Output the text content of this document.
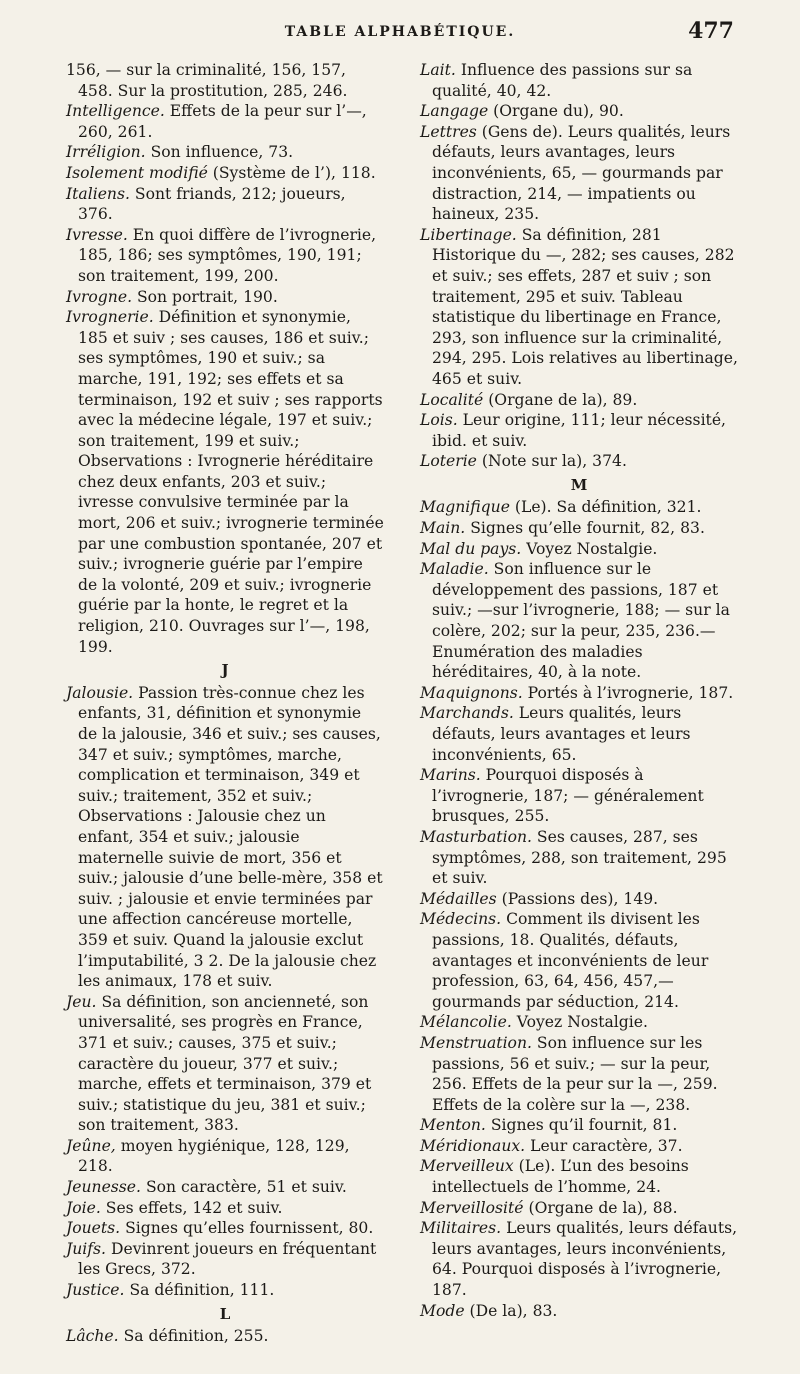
TABLE ALPHABÉTIQUE.	477

156, — sur la criminalité, 156, 157, 458. Sur la prostitution, 285, 246.

Intelligence. Effets de la peur sur l’—, 260, 261.

Irréligion. Son influence, 73.

Isolement modifié (Système de l’), 118.

Italiens. Sont friands, 212; joueurs, 376.

Ivresse. En quoi diffère de l’ivrognerie, 185, 186; ses symptômes, 190, 191; son traitement, 199, 200.

Ivrogne. Son portrait, 190.

Ivrognerie. Définition et synonymie, 185 et suiv ; ses causes, 186 et suiv.; ses symptômes, 190 et suiv.; sa marche, 191, 192; ses effets et sa terminaison, 192 et suiv ; ses rapports avec la médecine légale, 197 et suiv.; son traitement, 199 et suiv.; Observations : Ivrognerie héréditaire chez deux enfants, 203 et suiv.; ivresse convulsive terminée par la mort, 206 et suiv.; ivrognerie terminée par une combustion spontanée, 207 et suiv.; ivrognerie guérie par l’empire de la volonté, 209 et suiv.; ivrognerie guérie par la honte, le regret et la religion, 210. Ouvrages sur l’—, 198, 199.

J

Jalousie. Passion très-connue chez les enfants, 31, définition et synonymie de la jalousie, 346 et suiv.; ses causes, 347 et suiv.; symptômes, marche, complication et terminaison, 349 et suiv.; traitement, 352 et suiv.; Observations : Jalousie chez un enfant, 354 et suiv.; jalousie maternelle suivie de mort, 356 et suiv.; jalousie d’une belle-mère, 358 et suiv. ; jalousie et envie terminées par une affection cancéreuse mortelle, 359 et suiv. Quand la jalousie exclut l’imputabilité, 3 2. De la jalousie chez les animaux, 178 et suiv.

Jeu. Sa définition, son ancienneté, son universalité, ses progrès en France, 371 et suiv.; causes, 375 et suiv.; caractère du joueur, 377 et suiv.; marche, effets et terminaison, 379 et suiv.; statistique du jeu, 381 et suiv.; son traitement, 383.

Jeûne, moyen hygiénique, 128, 129, 218.

Jeunesse. Son caractère, 51 et suiv.

Joie. Ses effets, 142 et suiv.

Jouets. Signes qu’elles fournissent, 80.

Juifs. Devinrent joueurs en fréquentant les Grecs, 372.

Justice. Sa définition, 111.

L

Lâche. Sa définition, 255.

Lait. Influence des passions sur sa qualité, 40, 42.

Langage (Organe du), 90.

Lettres (Gens de). Leurs qualités, leurs défauts, leurs avantages, leurs inconvénients, 65, — gourmands par distraction, 214, — impatients ou haineux, 235.

Libertinage. Sa définition, 281 Historique du —, 282; ses causes, 282 et suiv.; ses effets, 287 et suiv ; son traitement, 295 et suiv. Tableau statistique du libertinage en France, 293, son influence sur la criminalité, 294, 295. Lois relatives au libertinage, 465 et suiv.

Localité (Organe de la), 89.

Lois. Leur origine, 111; leur nécessité, ibid. et suiv.

Loterie (Note sur la), 374.

M

Magnifique (Le). Sa définition, 321.

Main. Signes qu’elle fournit, 82, 83.

Mal du pays. Voyez Nostalgie.

Maladie. Son influence sur le développement des passions, 187 et suiv.; —sur l’ivrognerie, 188; — sur la colère, 202; sur la peur, 235, 236.— Enumération des maladies héréditaires, 40, à la note.

Maquignons. Portés à l’ivrognerie, 187.

Marchands. Leurs qualités, leurs défauts, leurs avantages et leurs inconvénients, 65.

Marins. Pourquoi disposés à l’ivrognerie, 187; — généralement brusques, 255.

Masturbation. Ses causes, 287, ses symptômes, 288, son traitement, 295 et suiv.

Médailles (Passions des), 149.

Médecins. Comment ils divisent les passions, 18. Qualités, défauts, avantages et inconvénients de leur profession, 63, 64, 456, 457,— gourmands par séduction, 214.

Mélancolie. Voyez Nostalgie.

Menstruation. Son influence sur les passions, 56 et suiv.; — sur la peur, 256. Effets de la peur sur la —, 259. Effets de la colère sur la —, 238.

Menton. Signes qu’il fournit, 81.

Méridionaux. Leur caractère, 37.

Merveilleux (Le). L’un des besoins intellectuels de l’homme, 24.

Merveillosité (Organe de la), 88.

Militaires. Leurs qualités, leurs défauts, leurs avantages, leurs inconvénients, 64. Pourquoi disposés à l’ivrognerie, 187.

Mode (De la), 83.
